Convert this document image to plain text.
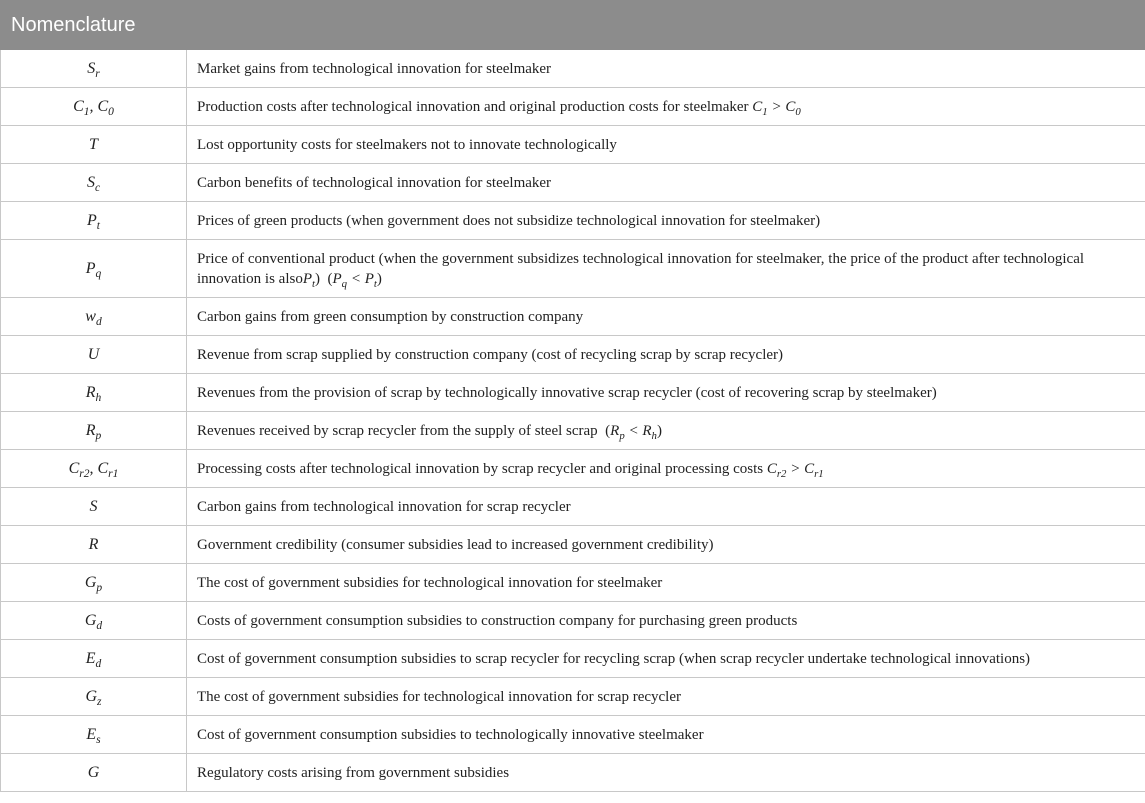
Nomenclature	
$S_r$	Market gains from technological innovation for steelmaker
$C_1$, $C_0$	Production costs after technological innovation and original production costs for steelmaker $C_1 > C_0$
T	Lost opportunity costs for steelmakers not to innovate technologically
$S_c$	Carbon benefits of technological innovation for steelmaker
$P_t$	Prices of green products (when government does not subsidize technological innovation for steelmaker)
$P_q$	Price of conventional product (when the government subsidizes technological innovation for steelmaker, the price of the product after technological innovation is alsoP$_t$)  $(P_q < P_t)$
$w_d$	Carbon gains from green consumption by construction company
U	Revenue from scrap supplied by construction company (cost of recycling scrap by scrap recycler)
$R_h$	Revenues from the provision of scrap by technologically innovative scrap recycler (cost of recovering scrap by steelmaker)
$R_p$	Revenues received by scrap recycler from the supply of steel scrap  $(R_p < R_h)$
$C_{r2}$, $C_{r1}$	Processing costs after technological innovation by scrap recycler and original processing costs $C_{r2} > C_{r1}$
S	Carbon gains from technological innovation for scrap recycler
R	Government credibility (consumer subsidies lead to increased government credibility)
$G_p$	The cost of government subsidies for technological innovation for steelmaker
$G_d$	Costs of government consumption subsidies to construction company for purchasing green products
$E_d$	Cost of government consumption subsidies to scrap recycler for recycling scrap (when scrap recycler undertake technological innovations)
$G_z$	The cost of government subsidies for technological innovation for scrap recycler
$E_s$	Cost of government consumption subsidies to technologically innovative steelmaker
G	Regulatory costs arising from government subsidies
